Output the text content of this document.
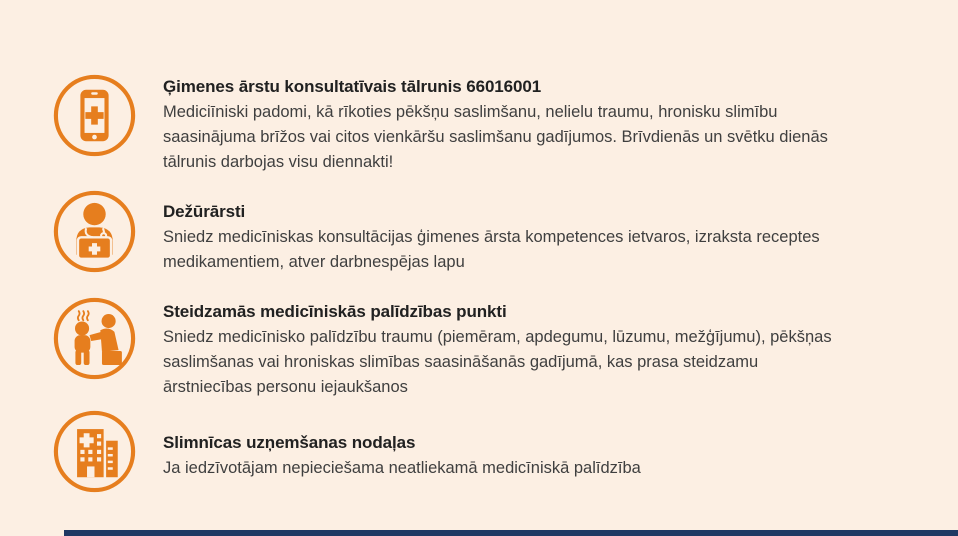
Ģimenes ārstu konsultatīvais tālrunis 66016001
Mediciīniski padomi, kā rīkoties pēkšņu saslimšanu, nelielu traumu, hronisku slimību saasinājuma brīžos vai citos vienkāršu saslimšanu gadījumos. Brīvdienās un svētku dienās tālrunis darbojas visu diennakti!
Dežūrārsti
Sniedz medicīniskas konsultācijas ģimenes ārsta kompetences ietvaros, izraksta receptes medikamentiem, atver darbnespējas lapu
Steidzamās medicīniskās palīdzības punkti
Sniedz medicīnisko palīdzību traumu (piemēram, apdegumu, lūzumu, mežģījumu), pēkšņas saslimšanas vai hroniskas slimības saasināšanās gadījumā, kas prasa steidzamu ārstniecības personu iejaukšanos
Slimnīcas uzņemšanas nodaļas
Ja iedzīvotājam nepieciešama neatliekamā medicīniskā palīdzība
